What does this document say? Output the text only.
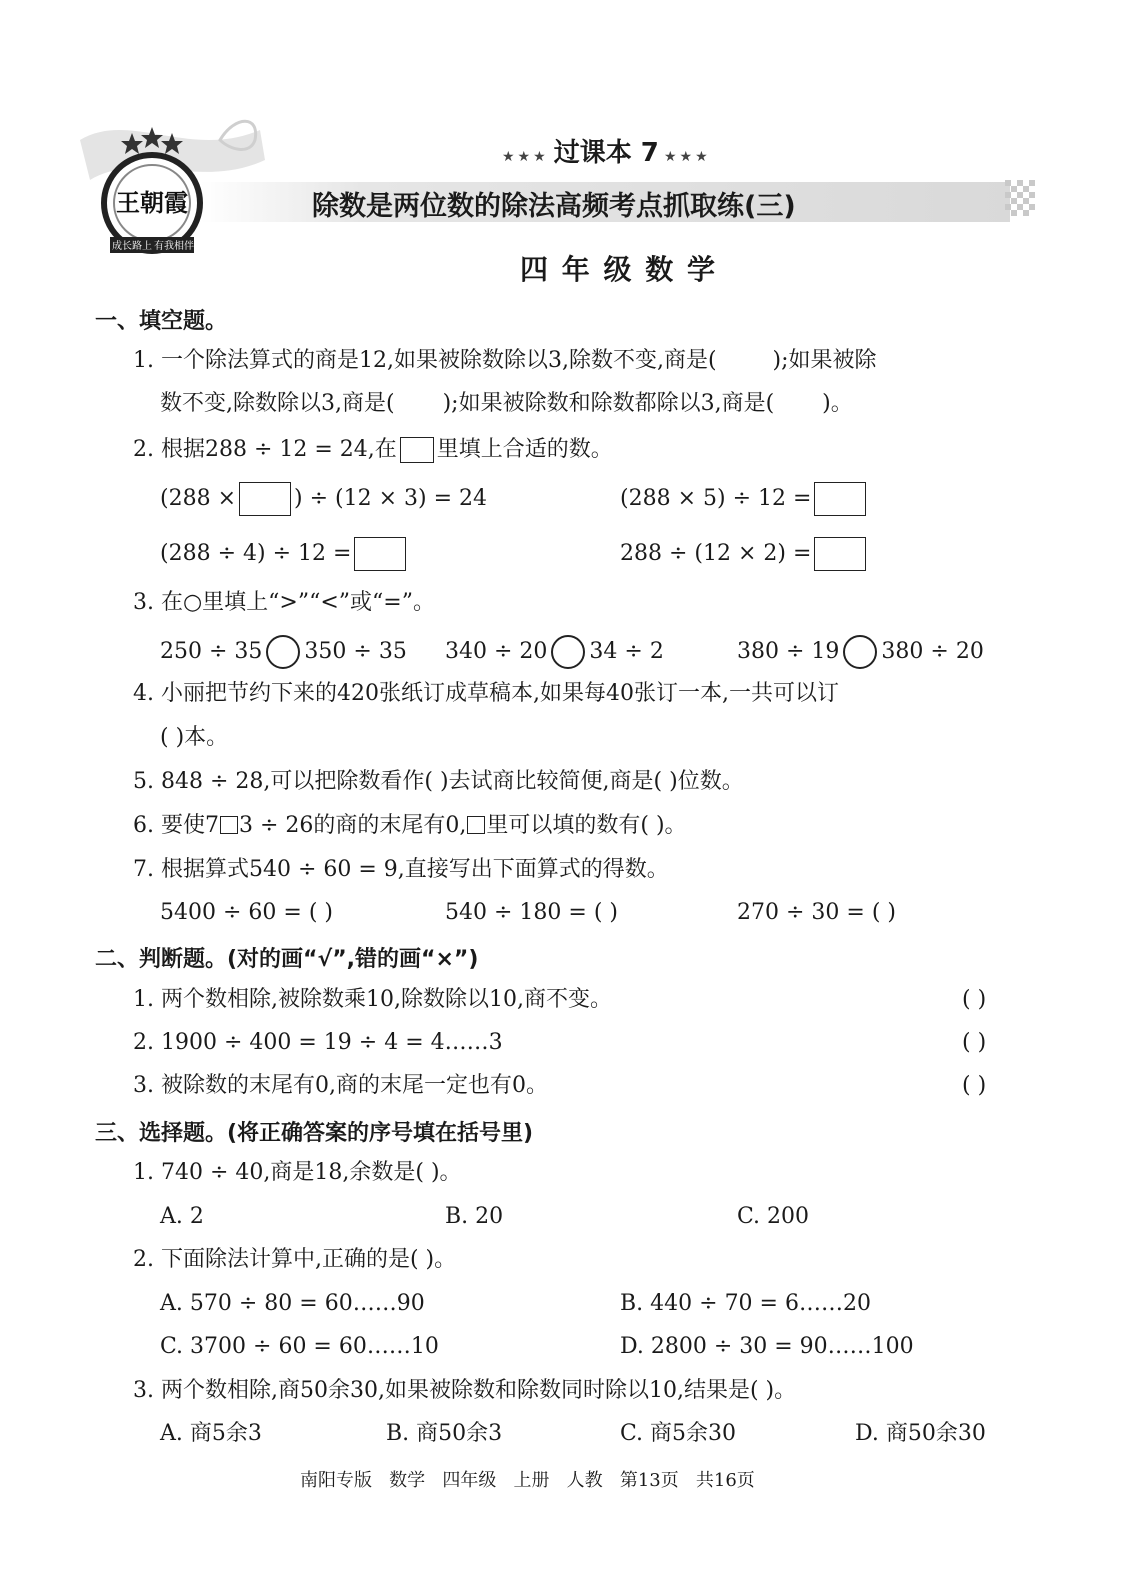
王朝霞
成长路上 有我相伴
★★★ 过课本 7 ★★★
除数是两位数的除法高频考点抓取练(三)
四 年 级 数 学
一、填空题。
1. 一个除法算式的商是12,如果被除数除以3,除数不变,商是(	);如果被除
数不变,除数除以3,商是( );如果被除数和除数都除以3,商是( )。
2. 根据288 ÷ 12 = 24,在 里填上合适的数。
(288 ×	) ÷ (12 × 3) = 24	(288 × 5) ÷ 12 =
(288 ÷ 4) ÷ 12 =	288 ÷ (12 × 2) =
3. 在○里填上“>”“<”或“=”。
250 ÷ 35 350 ÷ 35 340 ÷ 20 34 ÷ 2	380 ÷ 19 380 ÷ 20
4. 小丽把节约下来的420张纸订成草稿本,如果每40张订一本,一共可以订
( )本。
5. 848 ÷ 28,可以把除数看作( )去试商比较简便,商是( )位数。
6. 要使7 3 ÷ 26的商的末尾有0, 里可以填的数有( )。
7. 根据算式540 ÷ 60 = 9,直接写出下面算式的得数。
5400 ÷ 60 = ( )	540 ÷ 180 = ( )	270 ÷ 30 = ( )
二、判断题。(对的画“√”,错的画“×”)
1. 两个数相除,被除数乘10,除数除以10,商不变。	( )
2. 1900 ÷ 400 = 19 ÷ 4 = 4……3	( )
3. 被除数的末尾有0,商的末尾一定也有0。	( )
三、选择题。(将正确答案的序号填在括号里)
1. 740 ÷ 40,商是18,余数是( )。
A. 2	B. 20	C. 200
2. 下面除法计算中,正确的是( )。
A. 570 ÷ 80 = 60……90	B. 440 ÷ 70 = 6……20
C. 3700 ÷ 60 = 60……10	D. 2800 ÷ 30 = 90……100
3. 两个数相除,商50余30,如果被除数和除数同时除以10,结果是( )。
A. 商5余3	B. 商50余3	C. 商5余30	D. 商50余30
南阳专版   数学   四年级   上册   人教   第13页   共16页
